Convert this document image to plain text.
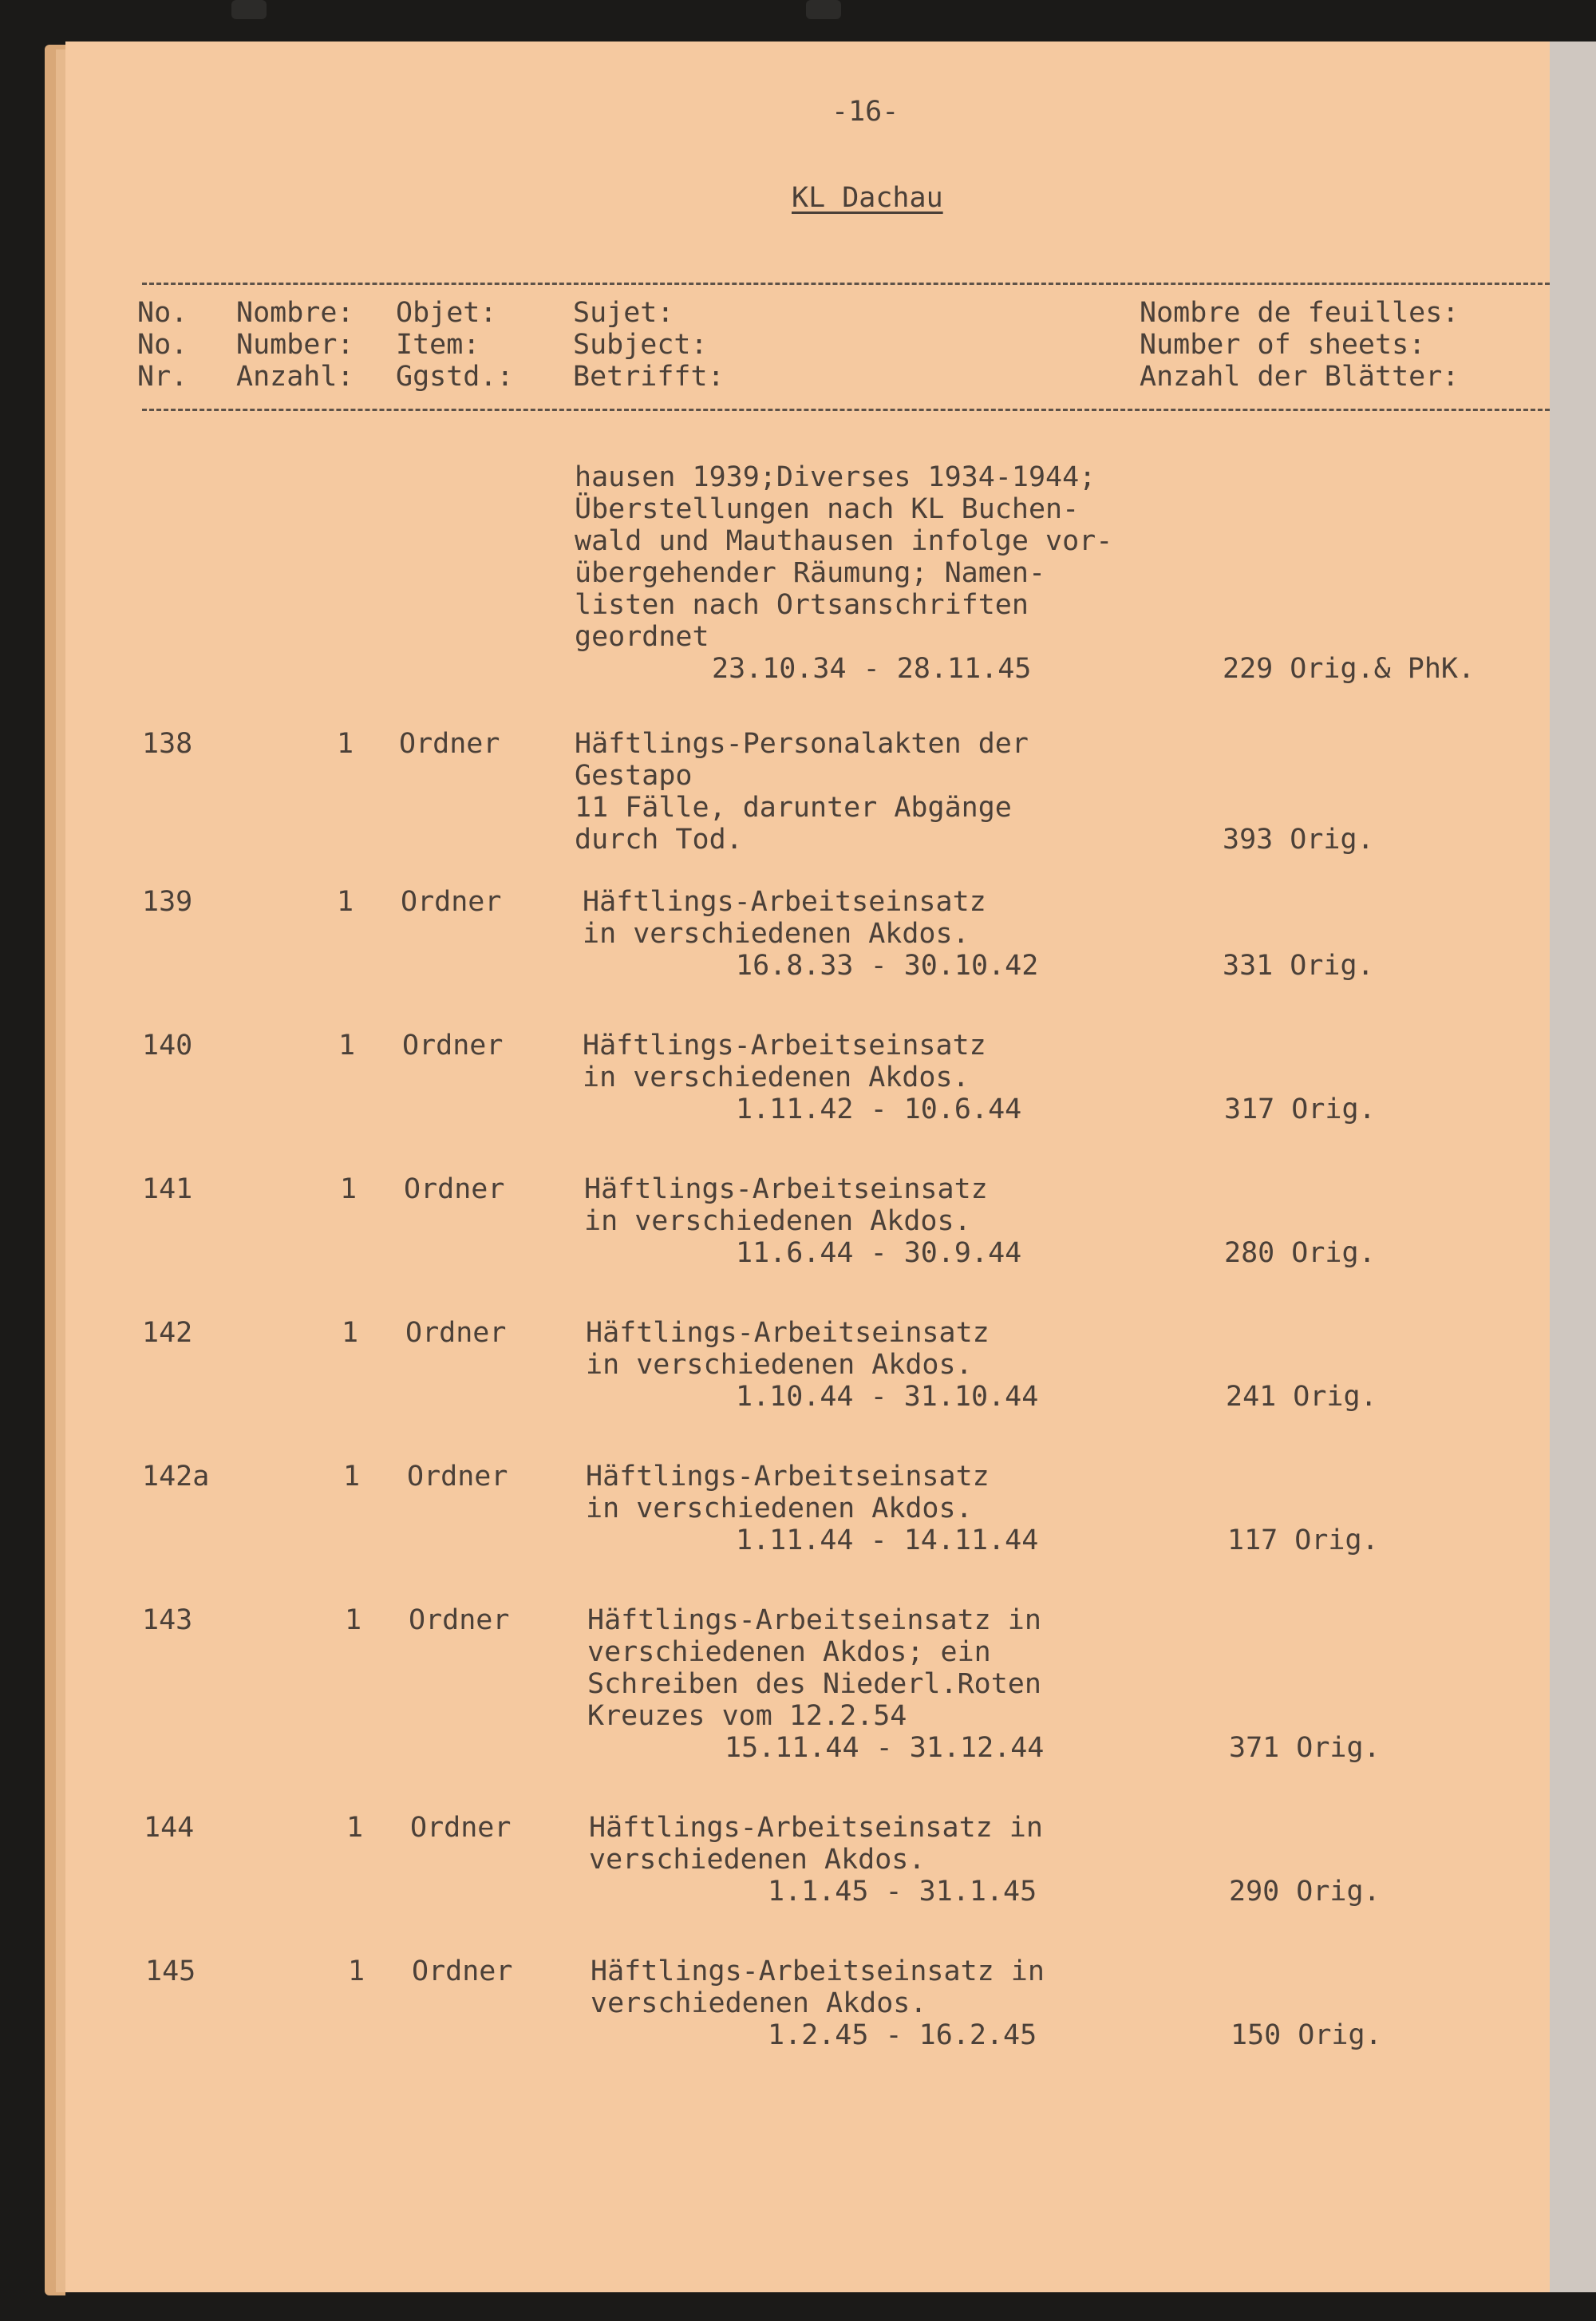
-16-
KL Dachau
No. Nombre: Objet:	Sujet:	Nombre de feuilles:
No. Number: Item:	Subject:	Number of sheets:
Nr. Anzahl: Ggstd.: Betrifft:	Anzahl der Blätter:
hausen 1939;Diverses 1934-1944;
Überstellungen nach KL Buchen-
wald und Mauthausen infolge vor-
übergehender Räumung; Namen-
listen nach Ortsanschriften
geordnet
23.10.34 - 28.11.45	229 Orig.& PhK.
138	1 Ordner	Häftlings-Personalakten der
Gestapo
11 Fälle, darunter Abgänge
durch Tod.	393 Orig.
139	1 Ordner	Häftlings-Arbeitseinsatz
in verschiedenen Akdos.
16.8.33 - 30.10.42	331 Orig.
140	1 Ordner	Häftlings-Arbeitseinsatz
in verschiedenen Akdos.
1.11.42 - 10.6.44	317 Orig.
141	1 Ordner	Häftlings-Arbeitseinsatz
in verschiedenen Akdos.
11.6.44 - 30.9.44	280 Orig.
142	1 Ordner	Häftlings-Arbeitseinsatz
in verschiedenen Akdos.
1.10.44 - 31.10.44	241 Orig.
142a	1 Ordner	Häftlings-Arbeitseinsatz
in verschiedenen Akdos.
1.11.44 - 14.11.44	117 Orig.
143	1 Ordner	Häftlings-Arbeitseinsatz in
verschiedenen Akdos; ein
Schreiben des Niederl.Roten
Kreuzes vom 12.2.54
15.11.44 - 31.12.44	371 Orig.
144	1 Ordner	Häftlings-Arbeitseinsatz in
verschiedenen Akdos.
1.1.45 - 31.1.45	290 Orig.
145	1 Ordner	Häftlings-Arbeitseinsatz in
verschiedenen Akdos.
1.2.45 - 16.2.45	150 Orig.
